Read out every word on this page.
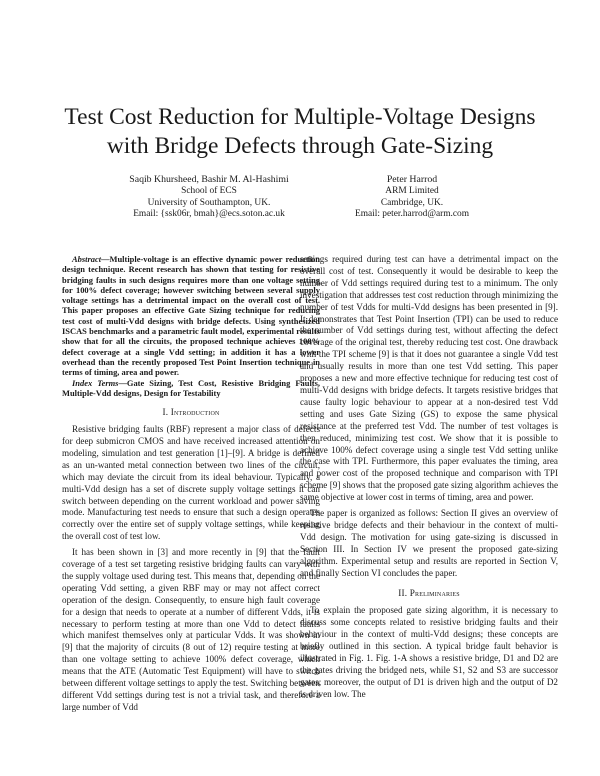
Test Cost Reduction for Multiple-Voltage Designs
with Bridge Defects through Gate-Sizing
Saqib Khursheed, Bashir M. Al-Hashimi
School of ECS
University of Southampton, UK.
Email: {ssk06r, bmah}@ecs.soton.ac.uk
Peter Harrod
ARM Limited
Cambridge, UK.
Email: peter.harrod@arm.com

Abstract—Multiple-voltage is an effective dynamic power reduction design technique. Recent research has shown that testing for resistive bridging faults in such designs requires more than one voltage setting for 100% defect coverage; however switching between several supply voltage settings has a detrimental impact on the overall cost of test. This paper proposes an effective Gate Sizing technique for reducing test cost of multi-Vdd designs with bridge defects. Using synthesized ISCAS benchmarks and a parametric fault model, experimental results show that for all the circuits, the proposed technique achieves 100% defect coverage at a single Vdd setting; in addition it has a lower overhead than the recently proposed Test Point Insertion technique in terms of timing, area and power.

Index Terms—Gate Sizing, Test Cost, Resistive Bridging Faults, Multiple-Vdd designs, Design for Testability

I. Introduction

Resistive bridging faults (RBF) represent a major class of defects for deep submicron CMOS and have received increased attention on modeling, simulation and test generation [1]–[9]. A bridge is defined as an un-wanted metal connection between two lines of the circuit, which may deviate the circuit from its ideal behaviour. Typically, a multi-Vdd design has a set of discrete supply voltage settings it can switch between depending on the current workload and power saving mode. Manufacturing test needs to ensure that such a design operates correctly over the entire set of supply voltage settings, while keeping the overall cost of test low.

It has been shown in [3] and more recently in [9] that the fault coverage of a test set targeting resistive bridging faults can vary with the supply voltage used during test. This means that, depending on the operating Vdd setting, a given RBF may or may not affect correct operation of the design. Consequently, to ensure high fault coverage for a design that needs to operate at a number of different Vdds, it is necessary to perform testing at more than one Vdd to detect faults which manifest themselves only at particular Vdds. It was shown in [9] that the majority of circuits (8 out of 12) require testing at more than one voltage setting to achieve 100% defect coverage, which means that the ATE (Automatic Test Equipment) will have to switch between different voltage settings to apply the test. Switching between different Vdd settings during test is not a trivial task, and therefore a large number of Vdd

settings required during test can have a detrimental impact on the overall cost of test. Consequently it would be desirable to keep the number of Vdd settings required during test to a minimum. The only investigation that addresses test cost reduction through minimizing the number of test Vdds for multi-Vdd designs has been presented in [9]. It demonstrates that Test Point Insertion (TPI) can be used to reduce the number of Vdd settings during test, without affecting the defect coverage of the original test, thereby reducing test cost. One drawback with the TPI scheme [9] is that it does not guarantee a single Vdd test and usually results in more than one test Vdd setting. This paper proposes a new and more effective technique for reducing test cost of multi-Vdd designs with bridge defects. It targets resistive bridges that cause faulty logic behaviour to appear at a non-desired test Vdd setting and uses Gate Sizing (GS) to expose the same physical resistance at the preferred test Vdd. The number of test voltages is then reduced, minimizing test cost. We show that it is possible to achieve 100% defect coverage using a single test Vdd setting unlike the case with TPI. Furthermore, this paper evaluates the timing, area and power cost of the proposed technique and comparison with TPI scheme [9] shows that the proposed gate sizing algorithm achieves the same objective at lower cost in terms of timing, area and power.

The paper is organized as follows: Section II gives an overview of resistive bridge defects and their behaviour in the context of multi-Vdd design. The motivation for using gate-sizing is discussed in Section III. In Section IV we present the proposed gate-sizing algorithm. Experimental setup and results are reported in Section V, and finally Section VI concludes the paper.

II. Preliminaries

To explain the proposed gate sizing algorithm, it is necessary to discuss some concepts related to resistive bridging faults and their behaviour in the context of multi-Vdd designs; these concepts are briefly outlined in this section. A typical bridge fault behavior is illustrated in Fig. 1. Fig. 1-A shows a resistive bridge, D1 and D2 are the gates driving the bridged nets, while S1, S2 and S3 are successor gates; moreover, the output of D1 is driven high and the output of D2 is driven low. The
